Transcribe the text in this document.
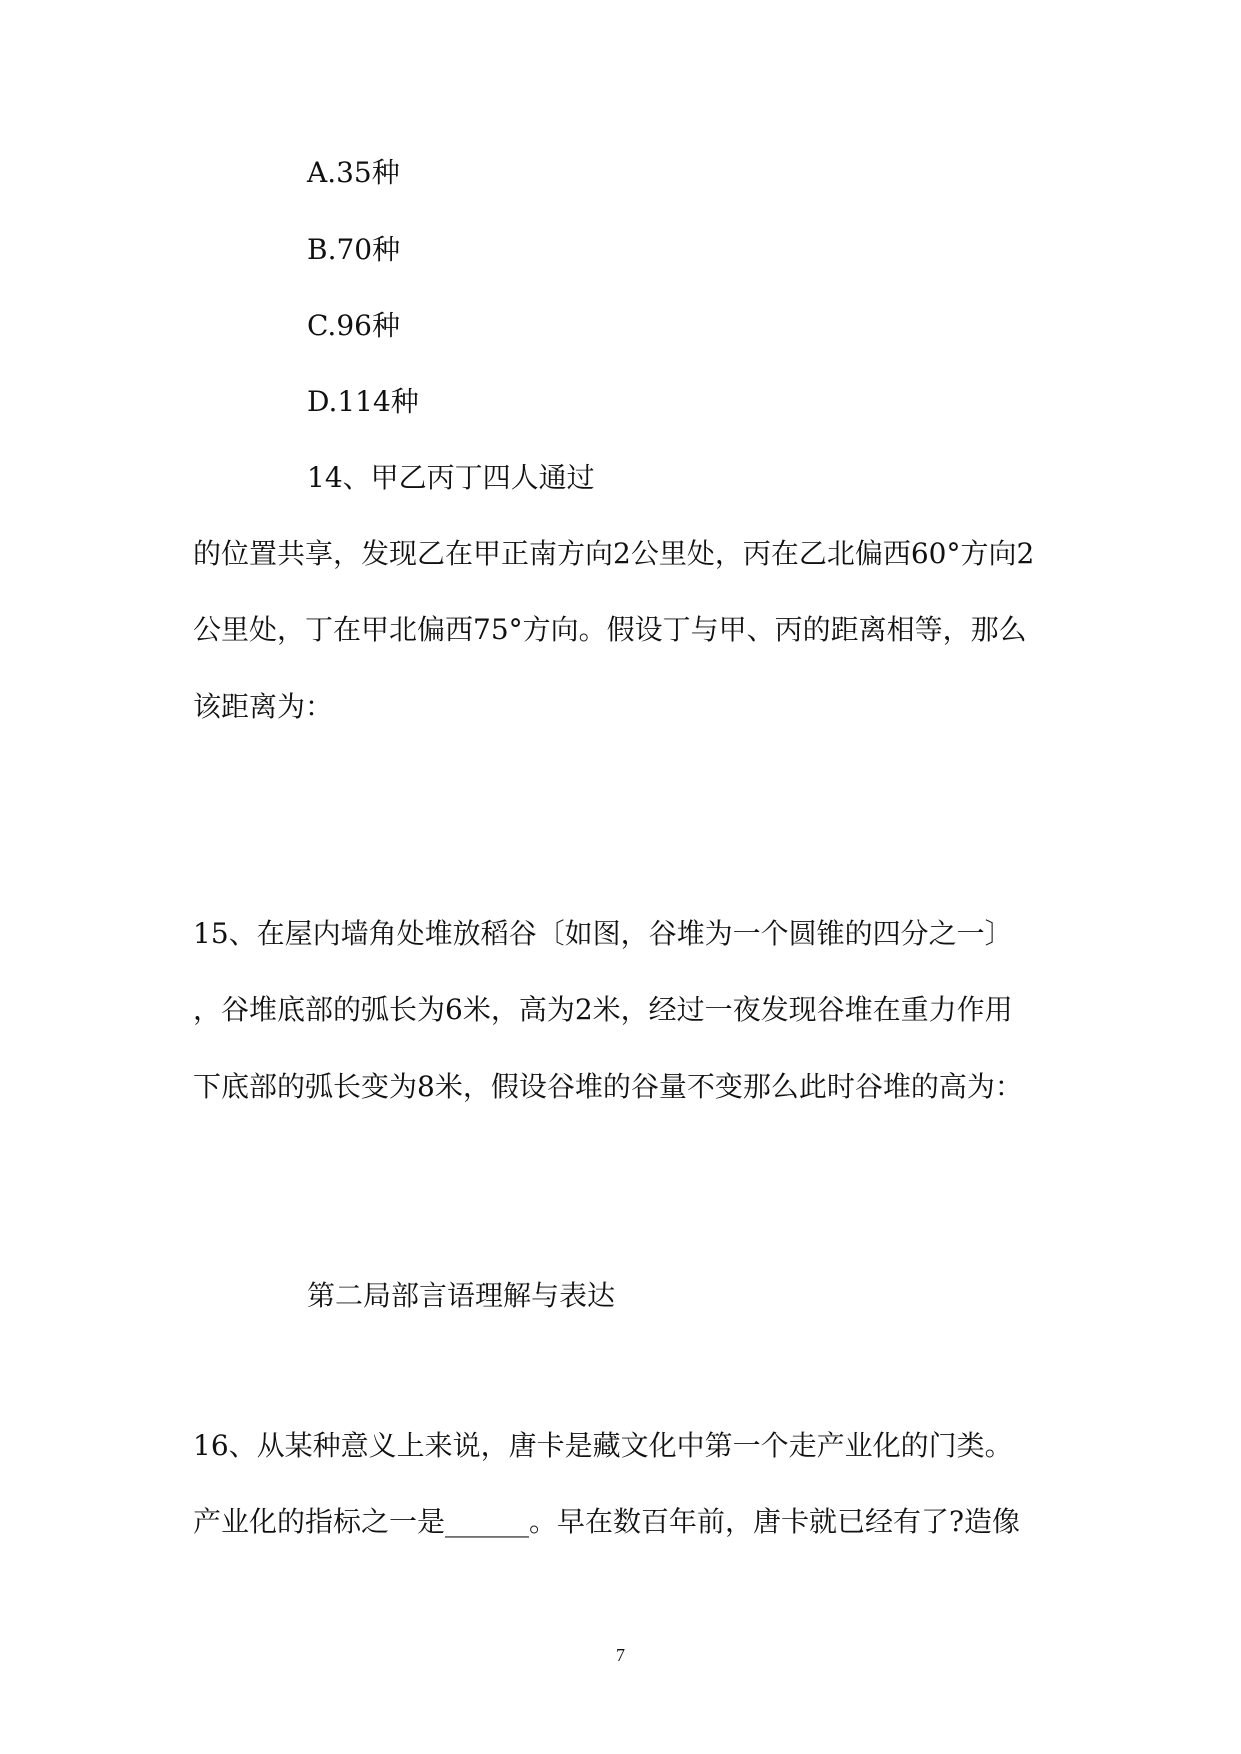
A.35种

B.70种

C.96种

D.114种

14、甲乙丙丁四人通过

的位置共享，发现乙在甲正南方向2公里处，丙在乙北偏西60°方向2

公里处，丁在甲北偏西75°方向。假设丁与甲、丙的距离相等，那么

该距离为：

15、在屋内墙角处堆放稻谷〔如图，谷堆为一个圆锥的四分之一〕

，谷堆底部的弧长为6米，高为2米，经过一夜发现谷堆在重力作用

下底部的弧长变为8米，假设谷堆的谷量不变那么此时谷堆的高为：

第二局部言语理解与表达

16、从某种意义上来说，唐卡是藏文化中第一个走产业化的门类。

产业化的指标之一是______。早在数百年前，唐卡就已经有了?造像

7
